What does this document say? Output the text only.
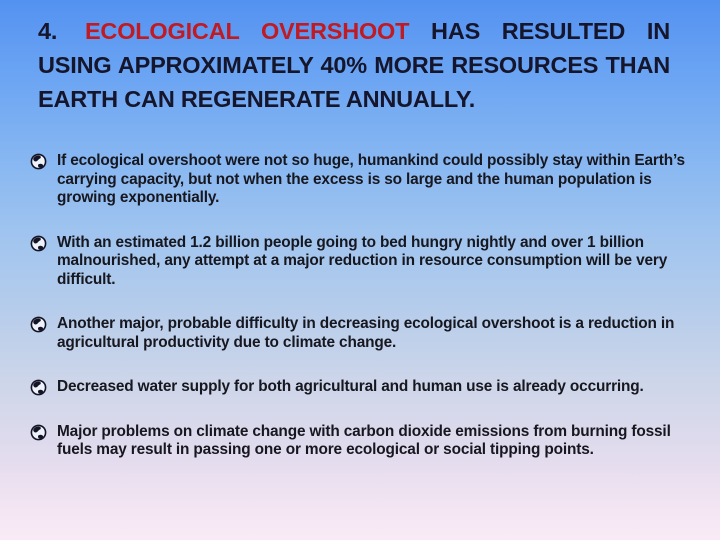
4. ECOLOGICAL OVERSHOOT HAS RESULTED IN USING APPROXIMATELY 40% MORE RESOURCES THAN EARTH CAN REGENERATE ANNUALLY.
If ecological overshoot were not so huge, humankind could possibly stay within Earth’s carrying capacity, but not when the excess is so large and the human population is growing exponentially.
With an estimated 1.2 billion people going to bed hungry nightly and over 1 billion malnourished, any attempt at a major reduction in resource consumption will be very difficult.
Another major, probable difficulty in decreasing ecological overshoot is a reduction in agricultural productivity due to climate change.
Decreased water supply for both agricultural and human use is already occurring.
Major problems on climate change with carbon dioxide emissions from burning fossil fuels may result in passing one or more ecological or social tipping points.
